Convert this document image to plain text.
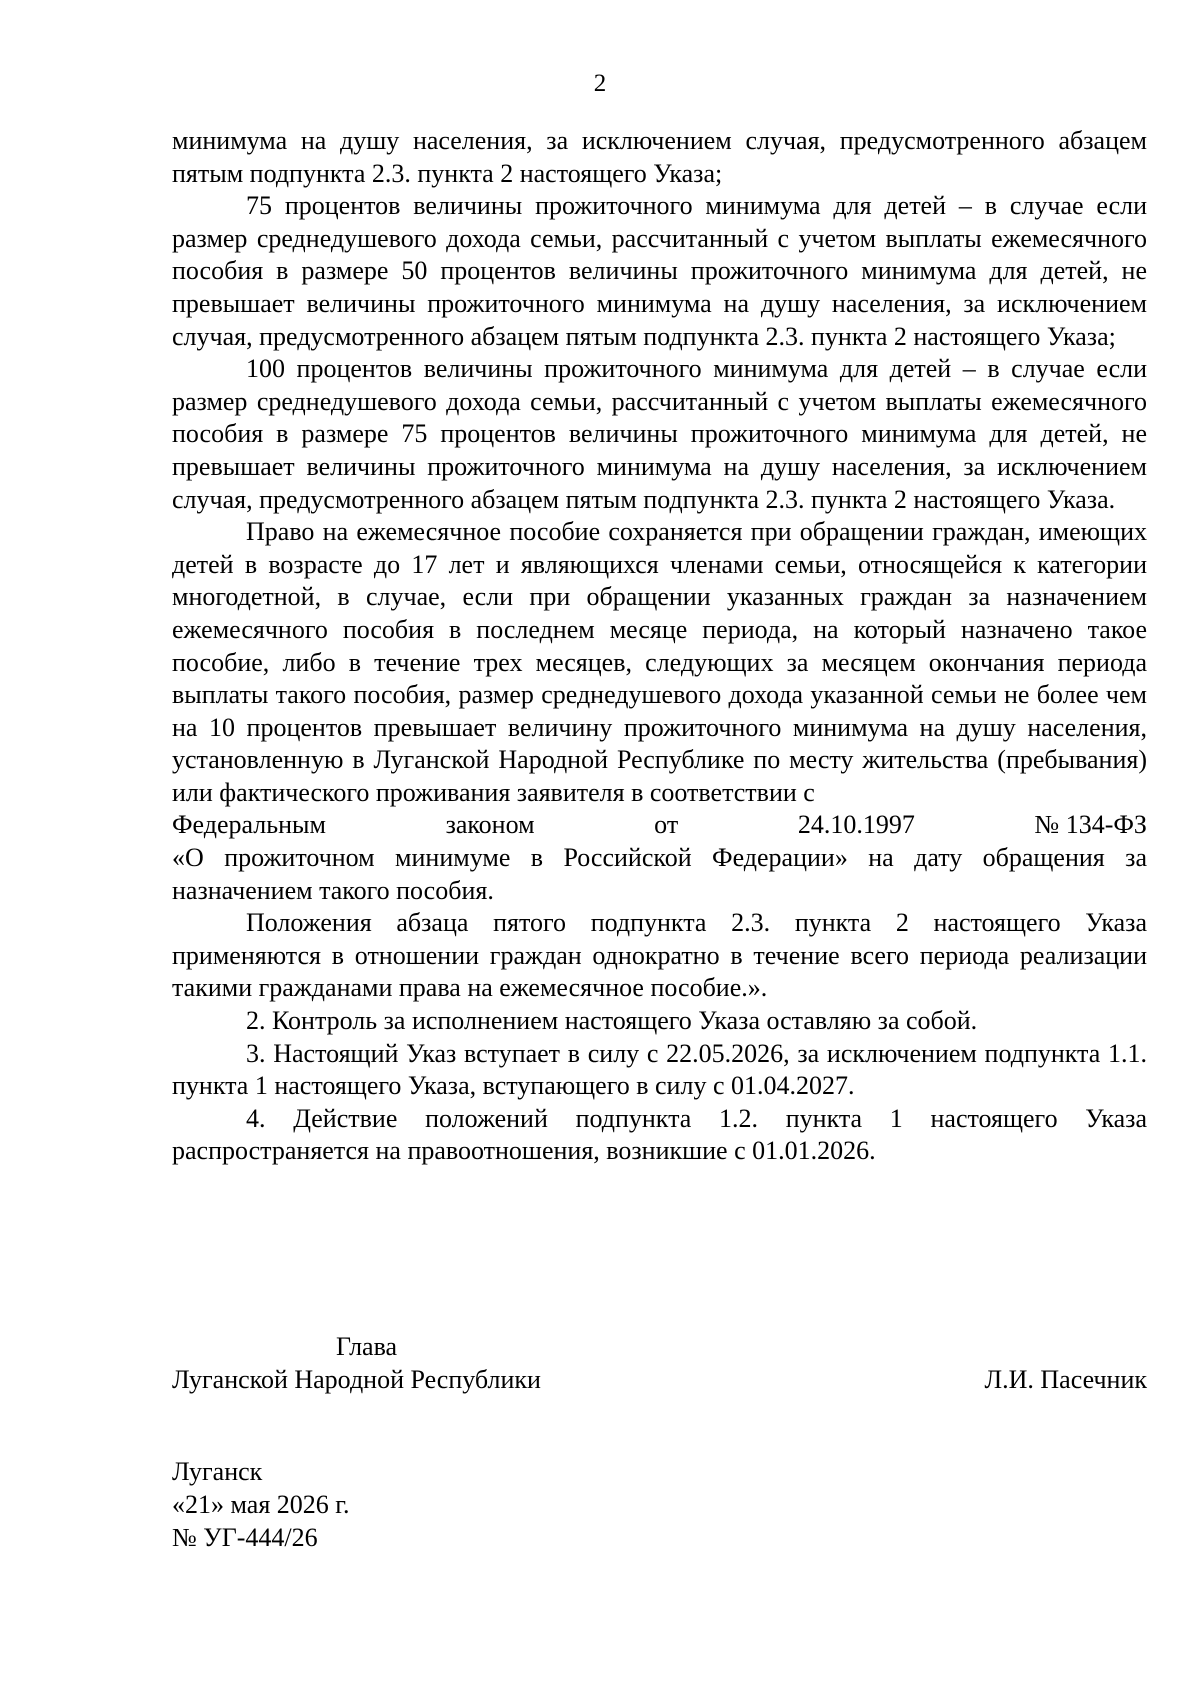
2

минимума на душу населения, за исключением случая, предусмотренного абзацем пятым подпункта 2.3. пункта 2 настоящего Указа;

75 процентов величины прожиточного минимума для детей – в случае если размер среднедушевого дохода семьи, рассчитанный с учетом выплаты ежемесячного пособия в размере 50 процентов величины прожиточного минимума для детей, не превышает величины прожиточного минимума на душу населения, за исключением случая, предусмотренного абзацем пятым подпункта 2.3. пункта 2 настоящего Указа;

100 процентов величины прожиточного минимума для детей – в случае если размер среднедушевого дохода семьи, рассчитанный с учетом выплаты ежемесячного пособия в размере 75 процентов величины прожиточного минимума для детей, не превышает величины прожиточного минимума на душу населения, за исключением случая, предусмотренного абзацем пятым подпункта 2.3. пункта 2 настоящего Указа.

Право на ежемесячное пособие сохраняется при обращении граждан, имеющих детей в возрасте до 17 лет и являющихся членами семьи, относящейся к категории многодетной, в случае, если при обращении указанных граждан за назначением ежемесячного пособия в последнем месяце периода, на который назначено такое пособие, либо в течение трех месяцев, следующих за месяцем окончания периода выплаты такого пособия, размер среднедушевого дохода указанной семьи не более чем на 10 процентов превышает величину прожиточного минимума на душу населения, установленную в Луганской Народной Республике по месту жительства (пребывания) или фактического проживания заявителя в соответствии с

Федеральным	законом	от	24.10.1997	№ 134-ФЗ

«О прожиточном минимуме в Российской Федерации» на дату обращения за назначением такого пособия.

Положения абзаца пятого подпункта 2.3. пункта 2 настоящего Указа применяются в отношении граждан однократно в течение всего периода реализации такими гражданами права на ежемесячное пособие.».

2. Контроль за исполнением настоящего Указа оставляю за собой.

3. Настоящий Указ вступает в силу с 22.05.2026, за исключением подпункта 1.1. пункта 1 настоящего Указа, вступающего в силу с 01.04.2027.

4. Действие положений подпункта 1.2. пункта 1 настоящего Указа распространяется на правоотношения, возникшие с 01.01.2026.

Глава
Луганской Народной Республики	Л.И. Пасечник
Луганск
«21» мая 2026 г.
№ УГ-444/26
